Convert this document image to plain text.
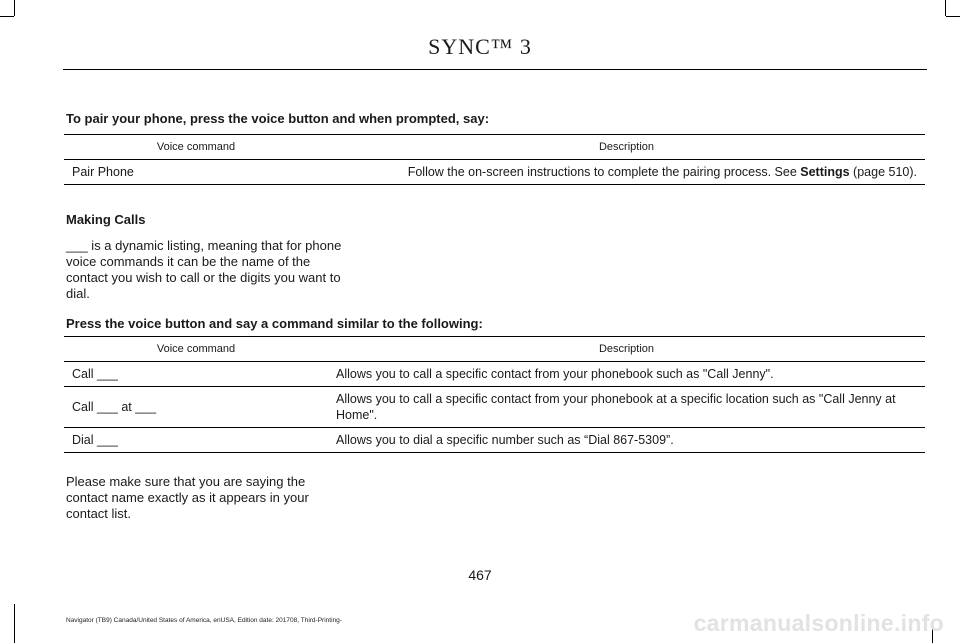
SYNC™ 3
To pair your phone, press the voice button and when prompted, say:
Voice command	Description
Pair Phone	Follow the on-screen instructions to complete the pairing process. See Settings (page 510).
Making Calls
___ is a dynamic listing, meaning that for phone voice commands it can be the name of the contact you wish to call or the digits you want to dial.
Press the voice button and say a command similar to the following:
Voice command	Description
Call ___	Allows you to call a specific contact from your phonebook such as "Call Jenny".
Call ___ at ___	Allows you to call a specific contact from your phonebook at a specific location such as "Call Jenny at Home".
Dial ___	Allows you to dial a specific number such as “Dial 867-5309”.
Please make sure that you are saying the contact name exactly as it appears in your contact list.
467
Navigator (TB9) Canada/United States of America, enUSA, Edition date: 201708, Third-Printing-	carmanualsonline.info
